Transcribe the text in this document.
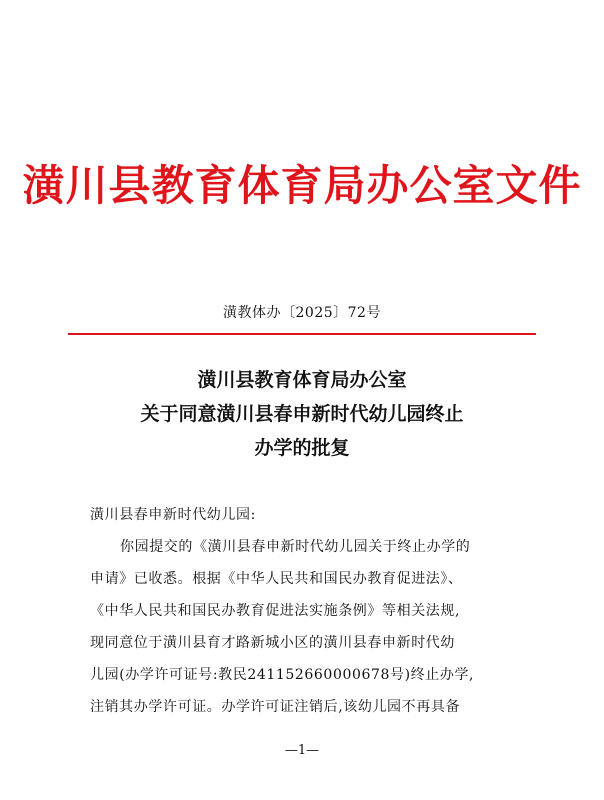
潢川县教育体育局办公室文件
潢教体办〔2025〕72号
潢川县教育体育局办公室
关于同意潢川县春申新时代幼儿园终止
办学的批复

潢川县春申新时代幼儿园:

你园提交的《潢川县春申新时代幼儿园关于终止办学的

申请》已收悉。根据《中华人民共和国民办教育促进法》、

《中华人民共和国民办教育促进法实施条例》等相关法规,

现同意位于潢川县育才路新城小区的潢川县春申新时代幼

儿园(办学许可证号:教民241152660000678号)终止办学,

注销其办学许可证。办学许可证注销后,该幼儿园不再具备

—1—
